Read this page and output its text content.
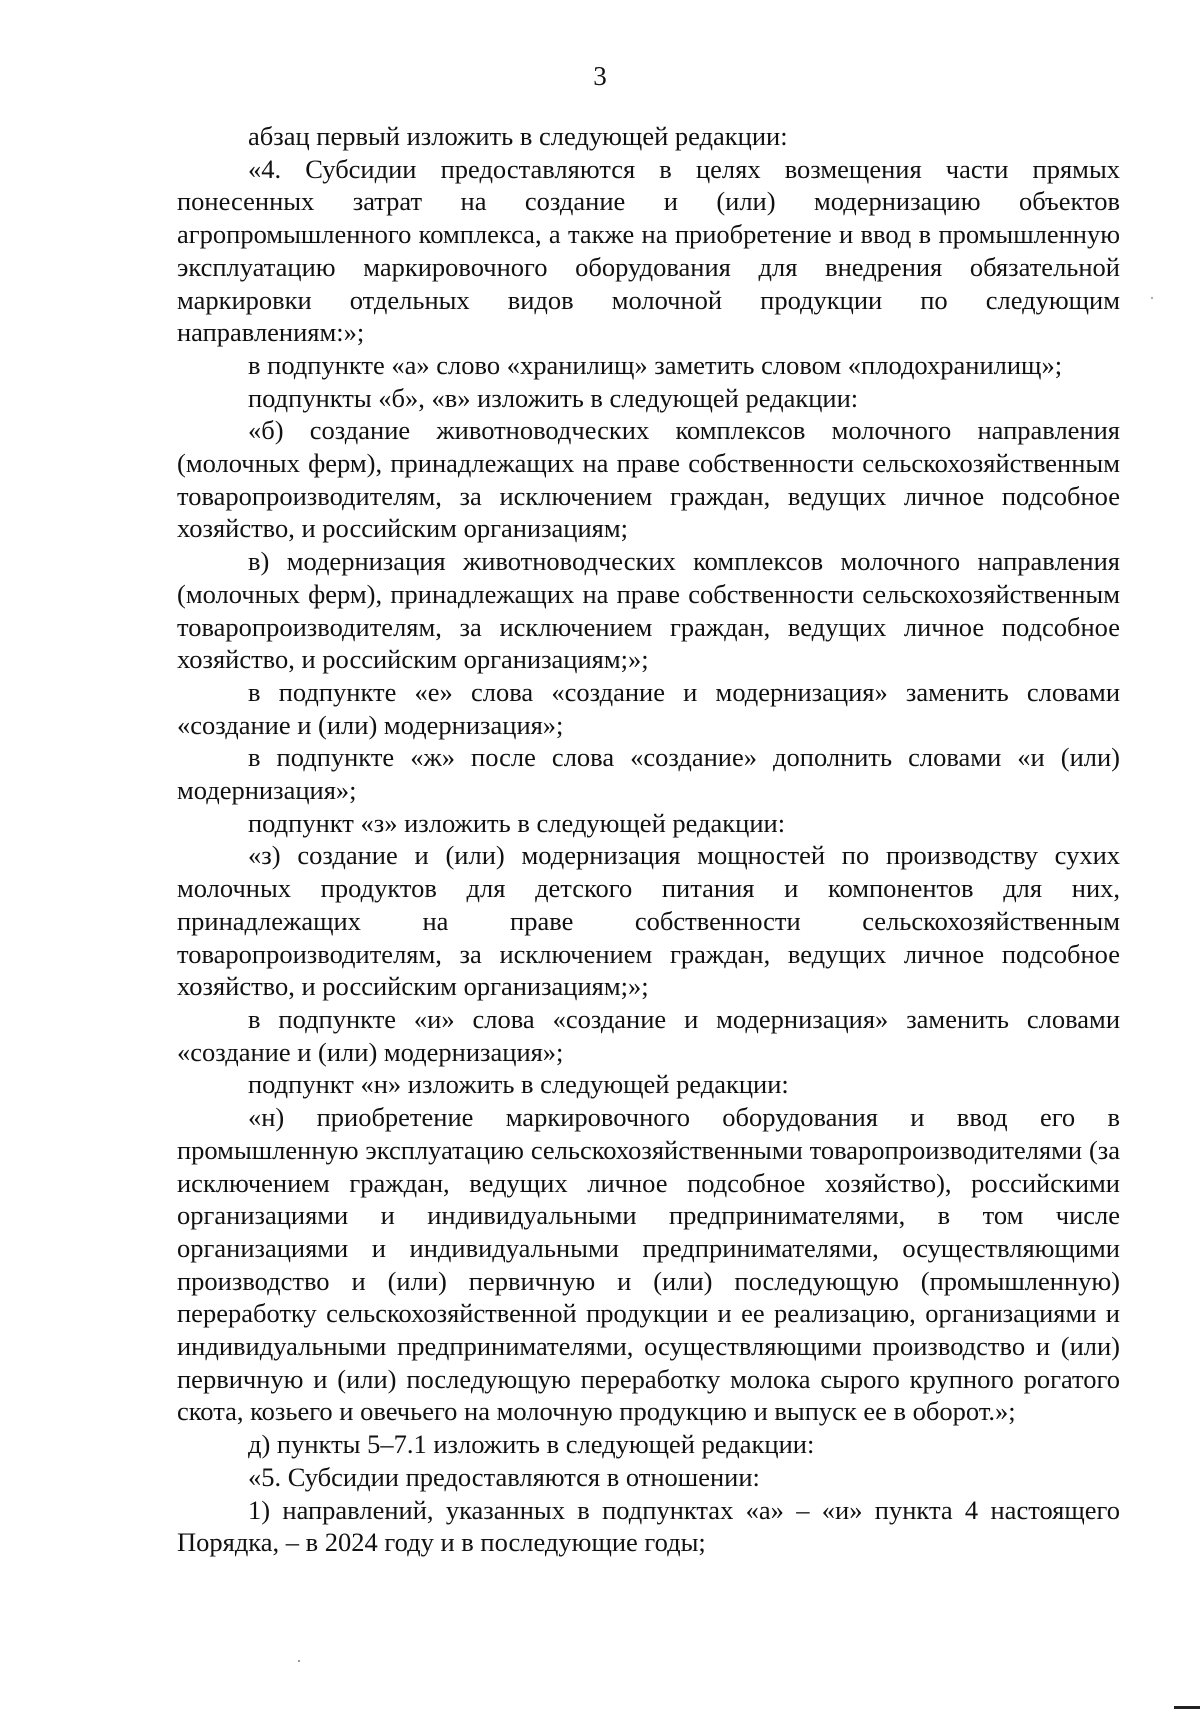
3

абзац первый изложить в следующей редакции:

«4. Субсидии предоставляются в целях возмещения части прямых понесенных затрат на создание и (или) модернизацию объектов агропромышленного комплекса, а также на приобретение и ввод в промышленную эксплуатацию маркировочного оборудования для внедрения обязательной маркировки отдельных видов молочной продукции по следующим направлениям:»;

в подпункте «а» слово «хранилищ» заметить словом «плодохранилищ»;

подпункты «б», «в» изложить в следующей редакции:

«б) создание животноводческих комплексов молочного направления (молочных ферм), принадлежащих на праве собственности сельскохозяйственным товаропроизводителям, за исключением граждан, ведущих личное подсобное хозяйство, и российским организациям;

в) модернизация животноводческих комплексов молочного направления (молочных ферм), принадлежащих на праве собственности сельскохозяйственным товаропроизводителям, за исключением граждан, ведущих личное подсобное хозяйство, и российским организациям;»;

в подпункте «е» слова «создание и модернизация» заменить словами «создание и (или) модернизация»;

в подпункте «ж» после слова «создание» дополнить словами «и (или) модернизация»;

подпункт «з» изложить в следующей редакции:

«з) создание и (или) модернизация мощностей по производству сухих молочных продуктов для детского питания и компонентов для них, принадлежащих на праве собственности сельскохозяйственным товаропроизводителям, за исключением граждан, ведущих личное подсобное хозяйство, и российским организациям;»;

в подпункте «и» слова «создание и модернизация» заменить словами «создание и (или) модернизация»;

подпункт «н» изложить в следующей редакции:

«н) приобретение маркировочного оборудования и ввод его в промышленную эксплуатацию сельскохозяйственными товаропроизводителями (за исключением граждан, ведущих личное подсобное хозяйство), российскими организациями и индивидуальными предпринимателями, в том числе организациями и индивидуальными предпринимателями, осуществляющими производство и (или) первичную и (или) последующую (промышленную) переработку сельскохозяйственной продукции и ее реализацию, организациями и индивидуальными предпринимателями, осуществляющими производство и (или) первичную и (или) последующую переработку молока сырого крупного рогатого скота, козьего и овечьего на молочную продукцию и выпуск ее в оборот.»;

д) пункты 5–7.1 изложить в следующей редакции:

«5. Субсидии предоставляются в отношении:

1) направлений, указанных в подпунктах «а» – «и» пункта 4 настоящего Порядка, – в 2024 году и в последующие годы;
